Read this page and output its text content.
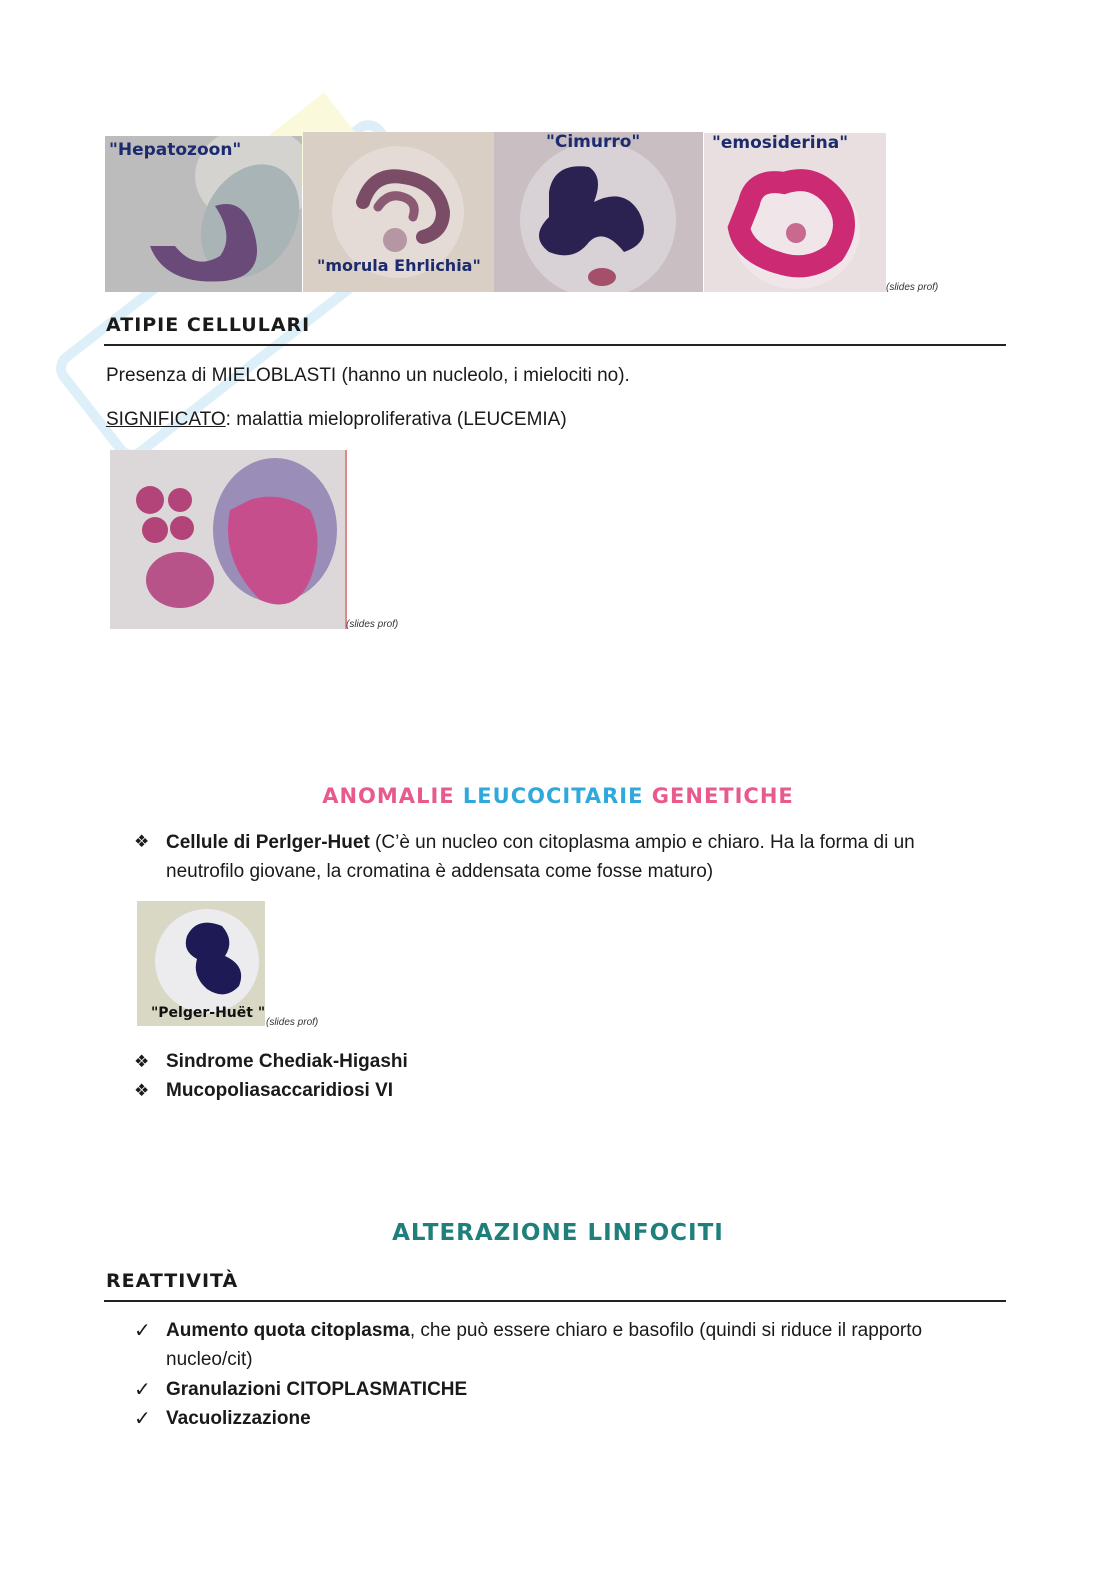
"Hepatozoon"
"morula Ehrlichia"
"Cimurro"	"emosiderina"
(slides prof)
ATIPIE CELLULARI
Presenza di MIELOBLASTI (hanno un nucleolo, i mielociti no).
SIGNIFICATO: malattia mieloproliferativa (LEUCEMIA)
(slides prof)
ANOMALIE LEUCOCITARIE GENETICHE
❖ Cellule di Perlger-Huet (C’è un nucleo con citoplasma ampio e chiaro. Ha la forma di un
neutrofilo giovane, la cromatina è addensata come fosse maturo)
"Pelger-Huët "
(slides prof)
❖ Sindrome Chediak-Higashi
❖ Mucopoliasaccaridiosi VI
ALTERAZIONE LINFOCITI
REATTIVITÀ
✓ Aumento quota citoplasma, che può essere chiaro e basofilo (quindi si riduce il rapporto
nucleo/cit)
✓ Granulazioni CITOPLASMATICHE
✓ Vacuolizzazione
